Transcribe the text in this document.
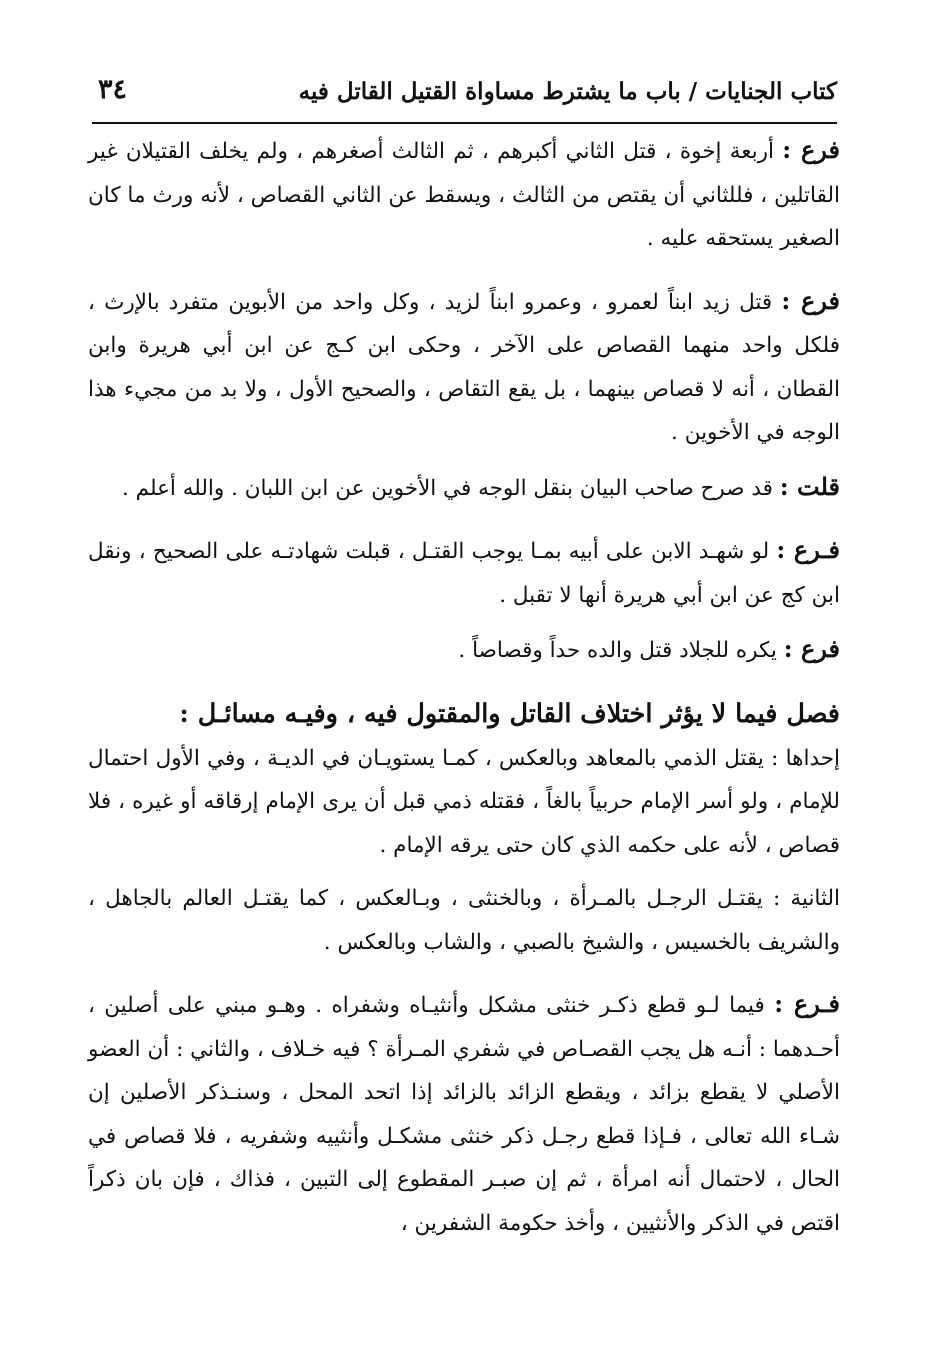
كتاب الجنايات / باب ما يشترط مساواة القتيل القاتل فيه
٣٤

فرع : أربعة إخوة ، قتل الثاني أكبرهم ، ثم الثالث أصغرهم ، ولم يخلف القتيلان غير القاتلين ، فللثاني أن يقتص من الثالث ، ويسقط عن الثاني القصاص ، لأنه ورث ما كان الصغير يستحقه عليه .

فرع : قتل زيد ابناً لعمرو ، وعمرو ابناً لزيد ، وكل واحد من الأبوين متفرد بالإرث ، فلكل واحد منهما القصاص على الآخر ، وحكى ابن كـج عن ابن أبي هريرة وابن القطان ، أنه لا قصاص بينهما ، بل يقع التقاص ، والصحيح الأول ، ولا بد من مجيء هذا الوجه في الأخوين .

قلت : قد صرح صاحب البيان بنقل الوجه في الأخوين عن ابن اللبان . والله أعلم .

فـرع : لو شهـد الابن على أبيه بمـا يوجب القتـل ، قبلت شهادتـه على الصحيح ، ونقل ابن كج عن ابن أبي هريرة أنها لا تقبل .

فرع : يكره للجلاد قتل والده حداً وقصاصاً .

فصل فيما لا يؤثر اختلاف القاتل والمقتول فيه ، وفيـه مسائـل :

إحداها : يقتل الذمي بالمعاهد وبالعكس ، كمـا يستويـان في الديـة ، وفي الأول احتمال للإمام ، ولو أسر الإمام حربياً بالغاً ، فقتله ذمي قبل أن يرى الإمام إرقاقه أو غيره ، فلا قصاص ، لأنه على حكمه الذي كان حتى يرقه الإمام .

الثانية : يقتـل الرجـل بالمـرأة ، وبالخنثى ، وبـالعكس ، كما يقتـل العالم بالجاهل ، والشريف بالخسيس ، والشيخ بالصبي ، والشاب وبالعكس .

فـرع : فيما لـو قطع ذكـر خنثى مشكل وأنثيـاه وشفراه . وهـو مبني على أصلين ، أحـدهما : أنـه هل يجب القصـاص في شفري المـرأة ؟ فيه خـلاف ، والثاني : أن العضو الأصلي لا يقطع بزائد ، ويقطع الزائد بالزائد إذا اتحد المحل ، وسنـذكر الأصلين إن شـاء الله تعالى ، فـإذا قطع رجـل ذكر خنثى مشكـل وأنثييه وشفريه ، فلا قصاص في الحال ، لاحتمال أنه امرأة ، ثم إن صبـر المقطوع إلى التبين ، فذاك ، فإن بان ذكراً اقتص في الذكر والأنثيين ، وأخذ حكومة الشفرين ،
